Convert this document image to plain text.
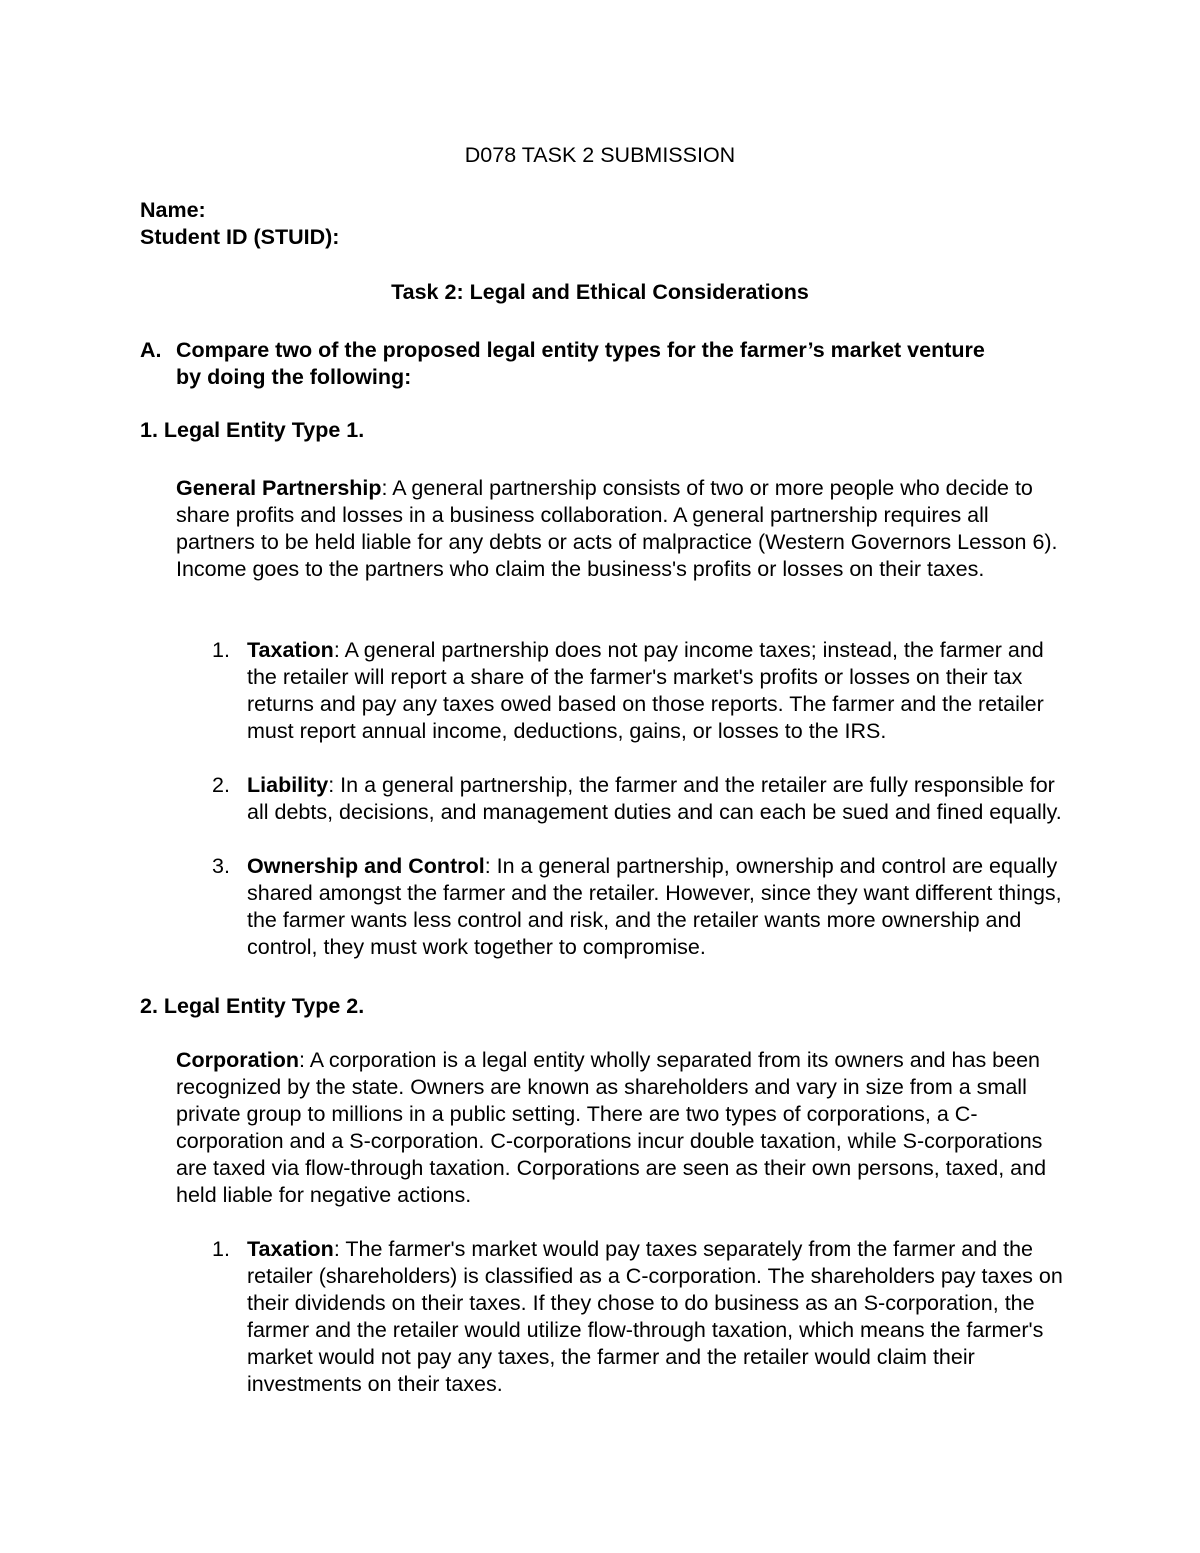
D078 TASK 2 SUBMISSION
Name:
Student ID (STUID):
Task 2: Legal and Ethical Considerations
A. Compare two of the proposed legal entity types for the farmer’s market venture by doing the following:
1. Legal Entity Type 1.

General Partnership: A general partnership consists of two or more people who decide to share profits and losses in a business collaboration. A general partnership requires all partners to be held liable for any debts or acts of malpractice (Western Governors Lesson 6). Income goes to the partners who claim the business's profits or losses on their taxes.

1. Taxation: A general partnership does not pay income taxes; instead, the farmer and the retailer will report a share of the farmer's market's profits or losses on their tax returns and pay any taxes owed based on those reports. The farmer and the retailer must report annual income, deductions, gains, or losses to the IRS.
2. Liability: In a general partnership, the farmer and the retailer are fully responsible for all debts, decisions, and management duties and can each be sued and fined equally.
3. Ownership and Control: In a general partnership, ownership and control are equally shared amongst the farmer and the retailer. However, since they want different things, the farmer wants less control and risk, and the retailer wants more ownership and control, they must work together to compromise.
2. Legal Entity Type 2.

Corporation: A corporation is a legal entity wholly separated from its owners and has been recognized by the state. Owners are known as shareholders and vary in size from a small private group to millions in a public setting. There are two types of corporations, a C-corporation and a S-corporation. C-corporations incur double taxation, while S-corporations are taxed via flow-through taxation. Corporations are seen as their own persons, taxed, and held liable for negative actions.

1. Taxation: The farmer's market would pay taxes separately from the farmer and the retailer (shareholders) is classified as a C-corporation. The shareholders pay taxes on their dividends on their taxes. If they chose to do business as an S-corporation, the farmer and the retailer would utilize flow-through taxation, which means the farmer's market would not pay any taxes, the farmer and the retailer would claim their investments on their taxes.
